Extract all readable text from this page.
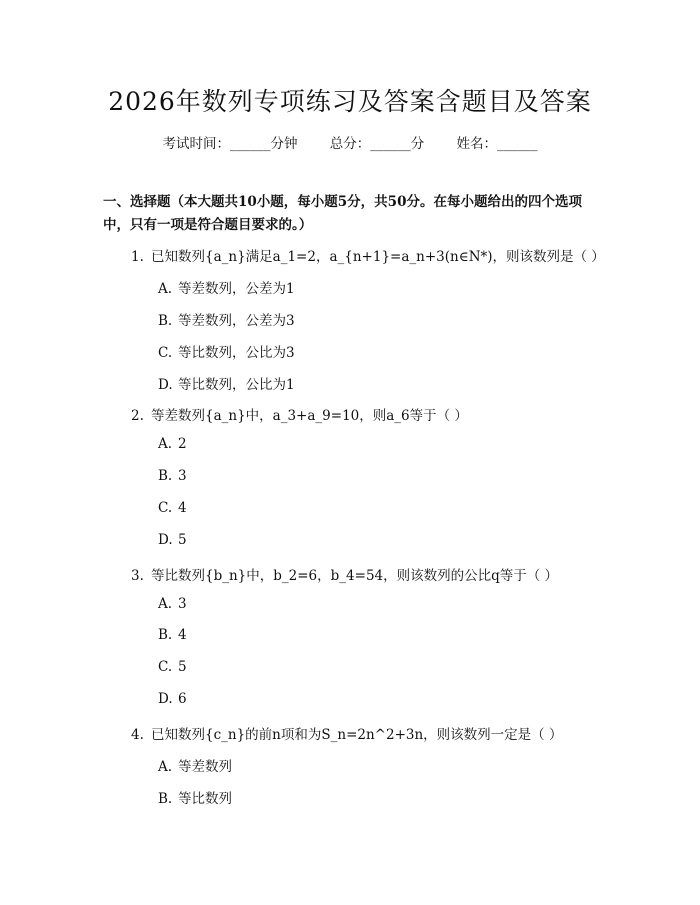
2026年数列专项练习及答案含题目及答案
考试时间：______分钟 总分：______分 姓名：______
一、选择题（本大题共10小题，每小题5分，共50分。在每小题给出的四个选项中，只有一项是符合题目要求的。）
1. 已知数列{a_n}满足a_1=2，a_{n+1}=a_n+3(n∈N*)，则该数列是（ ）
A. 等差数列，公差为1
B. 等差数列，公差为3
C. 等比数列，公比为3
D. 等比数列，公比为1
2. 等差数列{a_n}中，a_3+a_9=10，则a_6等于（ ）
A. 2
B. 3
C. 4
D. 5
3. 等比数列{b_n}中，b_2=6，b_4=54，则该数列的公比q等于（ ）
A. 3
B. 4
C. 5
D. 6
4. 已知数列{c_n}的前n项和为S_n=2n^2+3n，则该数列一定是（ ）
A. 等差数列
B. 等比数列
